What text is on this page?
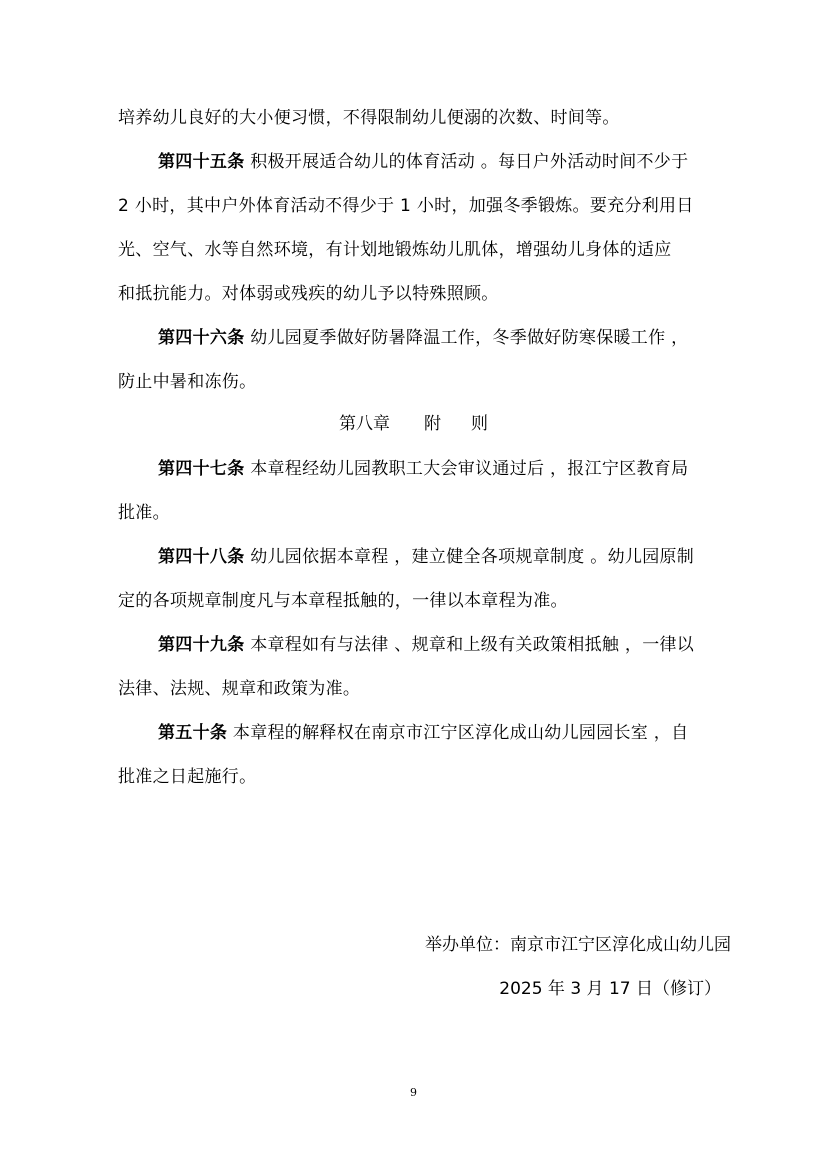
培养幼儿良好的大小便习惯，不得限制幼儿便溺的次数、时间等。
第四十五条 积极开展适合幼儿的体育活动 。每日户外活动时间不少于
2 小时，其中户外体育活动不得少于 1 小时，加强冬季锻炼。要充分利用日
光、空气、水等自然环境，有计划地锻炼幼儿肌体，增强幼儿身体的适应
和抵抗能力。对体弱或残疾的幼儿予以特殊照顾。
第四十六条 幼儿园夏季做好防暑降温工作，冬季做好防寒保暖工作 ，
防止中暑和冻伤。
第八章 附 则
第四十七条 本章程经幼儿园教职工大会审议通过后 ，报江宁区教育局
批准。
第四十八条 幼儿园依据本章程 ，建立健全各项规章制度 。幼儿园原制
定的各项规章制度凡与本章程抵触的，一律以本章程为准。
第四十九条 本章程如有与法律 、规章和上级有关政策相抵触 ，一律以
法律、法规、规章和政策为准。
第五十条 本章程的解释权在南京市江宁区淳化成山幼儿园园长室 ，自
批准之日起施行。
举办单位：南京市江宁区淳化成山幼儿园
2025 年 3 月 17 日（修订）
9
